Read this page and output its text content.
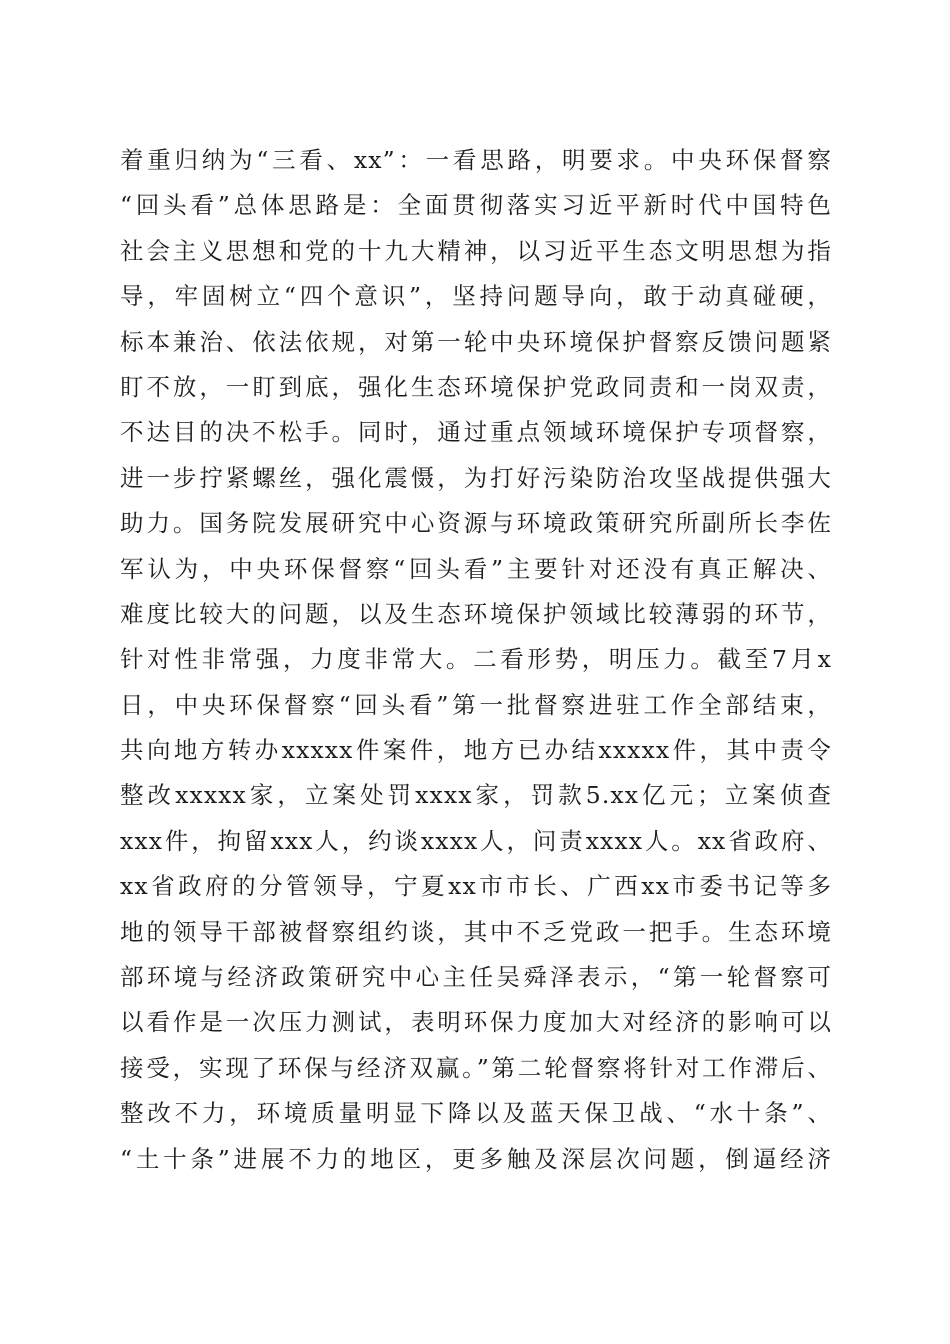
着重归纳为“三看、xx”：一看思路，明要求。中央环保督察
“回头看”总体思路是：全面贯彻落实习近平新时代中国特色
社会主义思想和党的十九大精神，以习近平生态文明思想为指
导，牢固树立“四个意识”，坚持问题导向，敢于动真碰硬，
标本兼治、依法依规，对第一轮中央环境保护督察反馈问题紧
盯不放，一盯到底，强化生态环境保护党政同责和一岗双责，
不达目的决不松手。同时，通过重点领域环境保护专项督察，
进一步拧紧螺丝，强化震慑，为打好污染防治攻坚战提供强大
助力。国务院发展研究中心资源与环境政策研究所副所长李佐
军认为，中央环保督察“回头看”主要针对还没有真正解决、
难度比较大的问题，以及生态环境保护领域比较薄弱的环节，
针对性非常强，力度非常大。二看形势，明压力。截至7月x
日，中央环保督察“回头看”第一批督察进驻工作全部结束，
共向地方转办xxxxx件案件，地方已办结xxxxx件，其中责令
整改xxxxx家，立案处罚xxxx家，罚款5.xx亿元；立案侦查
xxx件，拘留xxx人，约谈xxxx人，问责xxxx人。xx省政府、
xx省政府的分管领导，宁夏xx市市长、广西xx市委书记等多
地的领导干部被督察组约谈，其中不乏党政一把手。生态环境
部环境与经济政策研究中心主任吴舜泽表示，“第一轮督察可
以看作是一次压力测试，表明环保力度加大对经济的影响可以
接受，实现了环保与经济双赢。”第二轮督察将针对工作滞后、
整改不力，环境质量明显下降以及蓝天保卫战、“水十条”、
“土十条”进展不力的地区，更多触及深层次问题，倒逼经济
